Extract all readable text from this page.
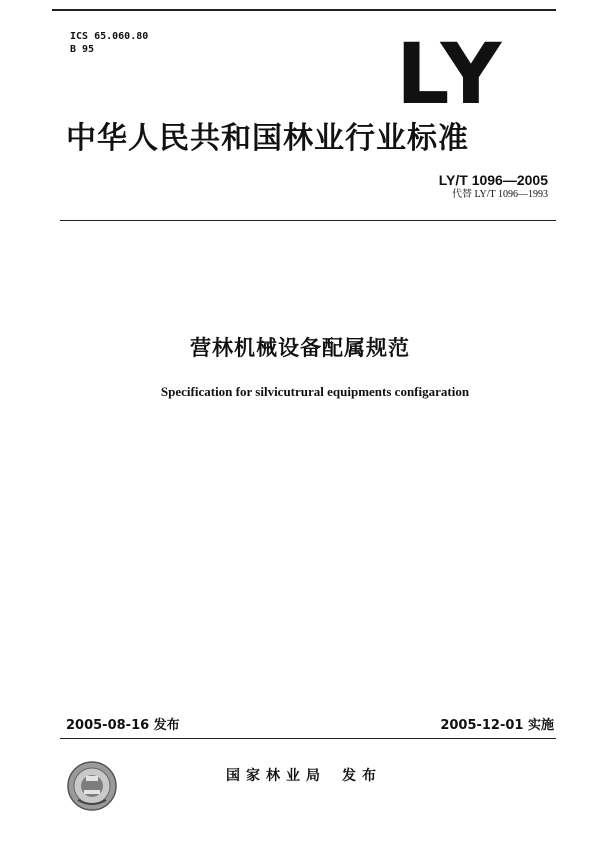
ICS 65.060.80
B 95	LY
中华人民共和国林业行业标准
LY/T 1096—2005
代替 LY/T 1096—1993
营林机械设备配属规范
Specification for silvicutrural equipments configaration
2005-08-16 发布	2005-12-01 实施
国家林业局 发布
